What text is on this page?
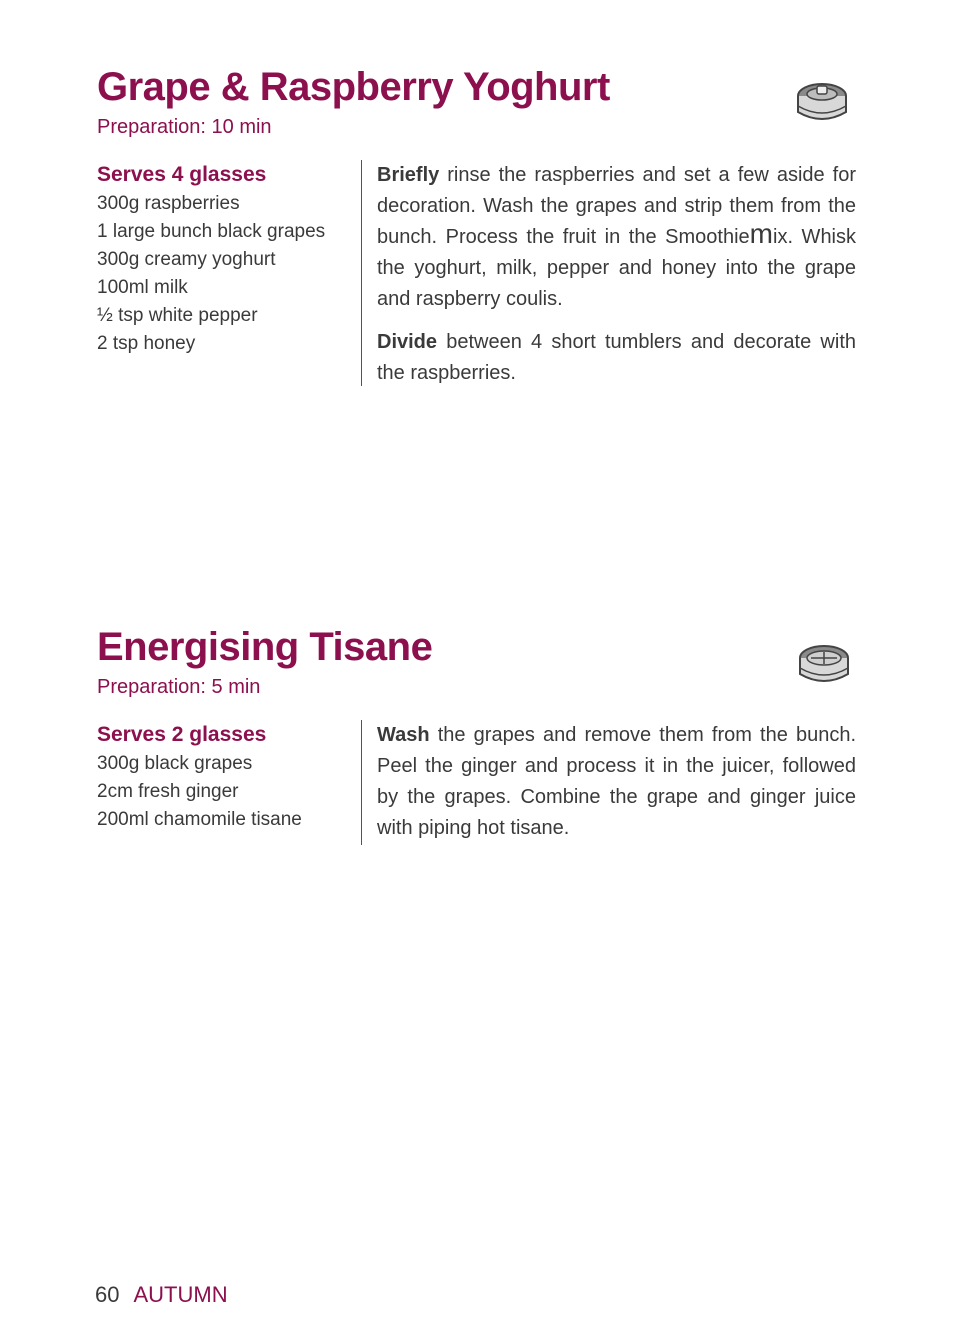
Grape & Raspberry Yoghurt
Preparation: 10 min
Serves 4 glasses
300g raspberries
1 large bunch black grapes
300g creamy yoghurt
100ml milk
½ tsp white pepper
2 tsp honey

Briefly rinse the raspberries and set a few aside for decoration. Wash the grapes and strip them from the bunch. Process the fruit in the Smoothiemix. Whisk the yoghurt, milk, pepper and honey into the grape and raspberry coulis.

Divide between 4 short tumblers and decorate with the raspberries.

Energising Tisane
Preparation: 5 min
Serves 2 glasses
300g black grapes
2cm fresh ginger
200ml chamomile tisane

Wash the grapes and remove them from the bunch. Peel the ginger and process it in the juicer, followed by the grapes. Combine the grape and ginger juice with piping hot tisane.

60 AUTUMN
